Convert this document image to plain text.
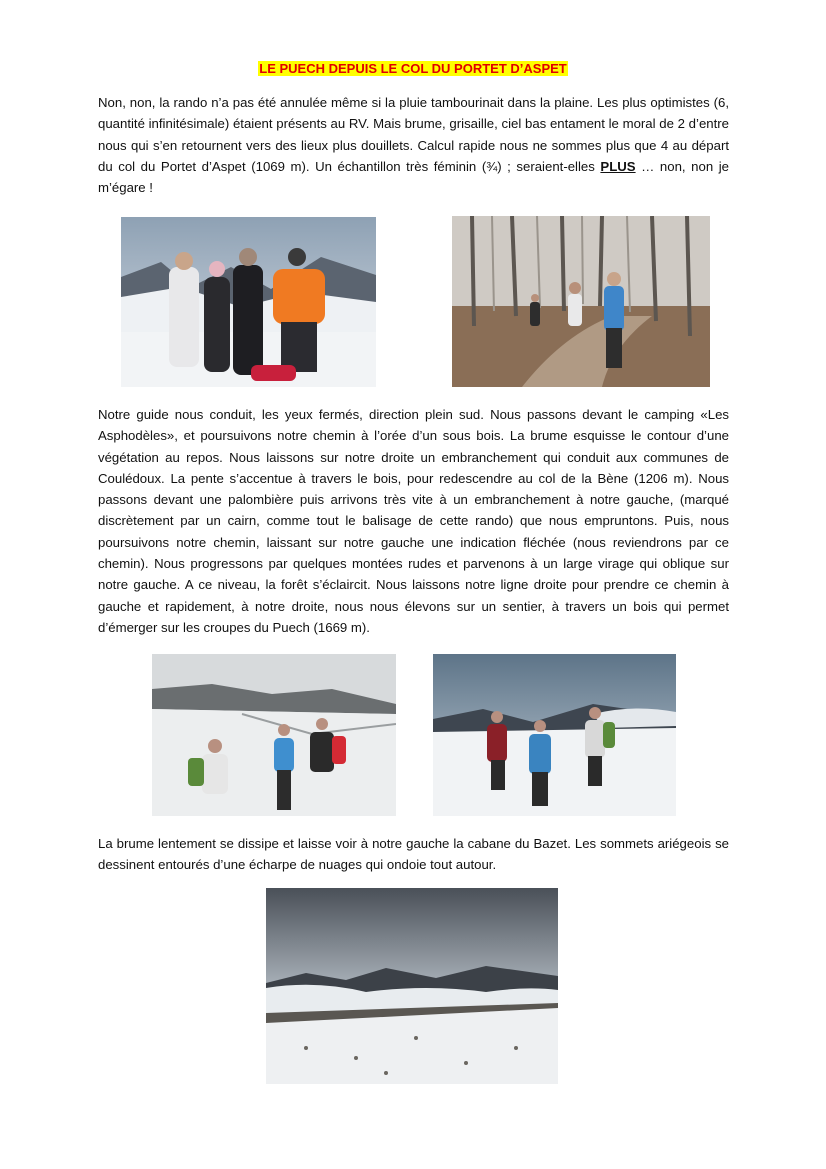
LE PUECH DEPUIS LE COL DU PORTET D’ASPET

Non, non, la rando n’a pas été annulée même si la pluie tambourinait dans la plaine. Les plus optimistes (6, quantité infinitésimale) étaient présents au RV. Mais brume, grisaille, ciel bas entament le moral de 2 d’entre nous qui s’en retournent vers des lieux plus douillets. Calcul rapide nous ne sommes plus que 4 au départ du col du Portet d’Aspet (1069 m). Un échantillon très féminin (¾) ; seraient-elles PLUS … non, non je m’égare !

Notre guide nous conduit, les yeux fermés, direction plein sud. Nous passons devant le camping «Les Asphodèles», et poursuivons notre chemin à l’orée d’un sous bois. La brume esquisse le contour d’une végétation au repos. Nous laissons sur notre droite un embranchement qui conduit aux communes de Coulédoux. La pente s’accentue à travers le bois, pour redescendre au col de la Bène (1206 m). Nous passons devant une palombière puis arrivons très vite à un embranchement à notre gauche, (marqué discrètement par un cairn, comme tout le balisage de cette rando) que nous empruntons. Puis, nous poursuivons notre chemin, laissant sur notre gauche une indication fléchée (nous reviendrons par ce chemin). Nous progressons par quelques montées rudes et parvenons à un large virage qui oblique sur notre gauche. A ce niveau, la forêt s’éclaircit. Nous laissons notre ligne droite pour prendre ce chemin à gauche et rapidement, à notre droite, nous nous élevons sur un sentier, à travers un bois qui permet d’émerger sur les croupes du Puech (1669 m).

La brume lentement se dissipe et laisse voir à notre gauche la cabane du Bazet. Les sommets ariégeois se dessinent entourés d’une écharpe de nuages qui ondoie tout autour.
